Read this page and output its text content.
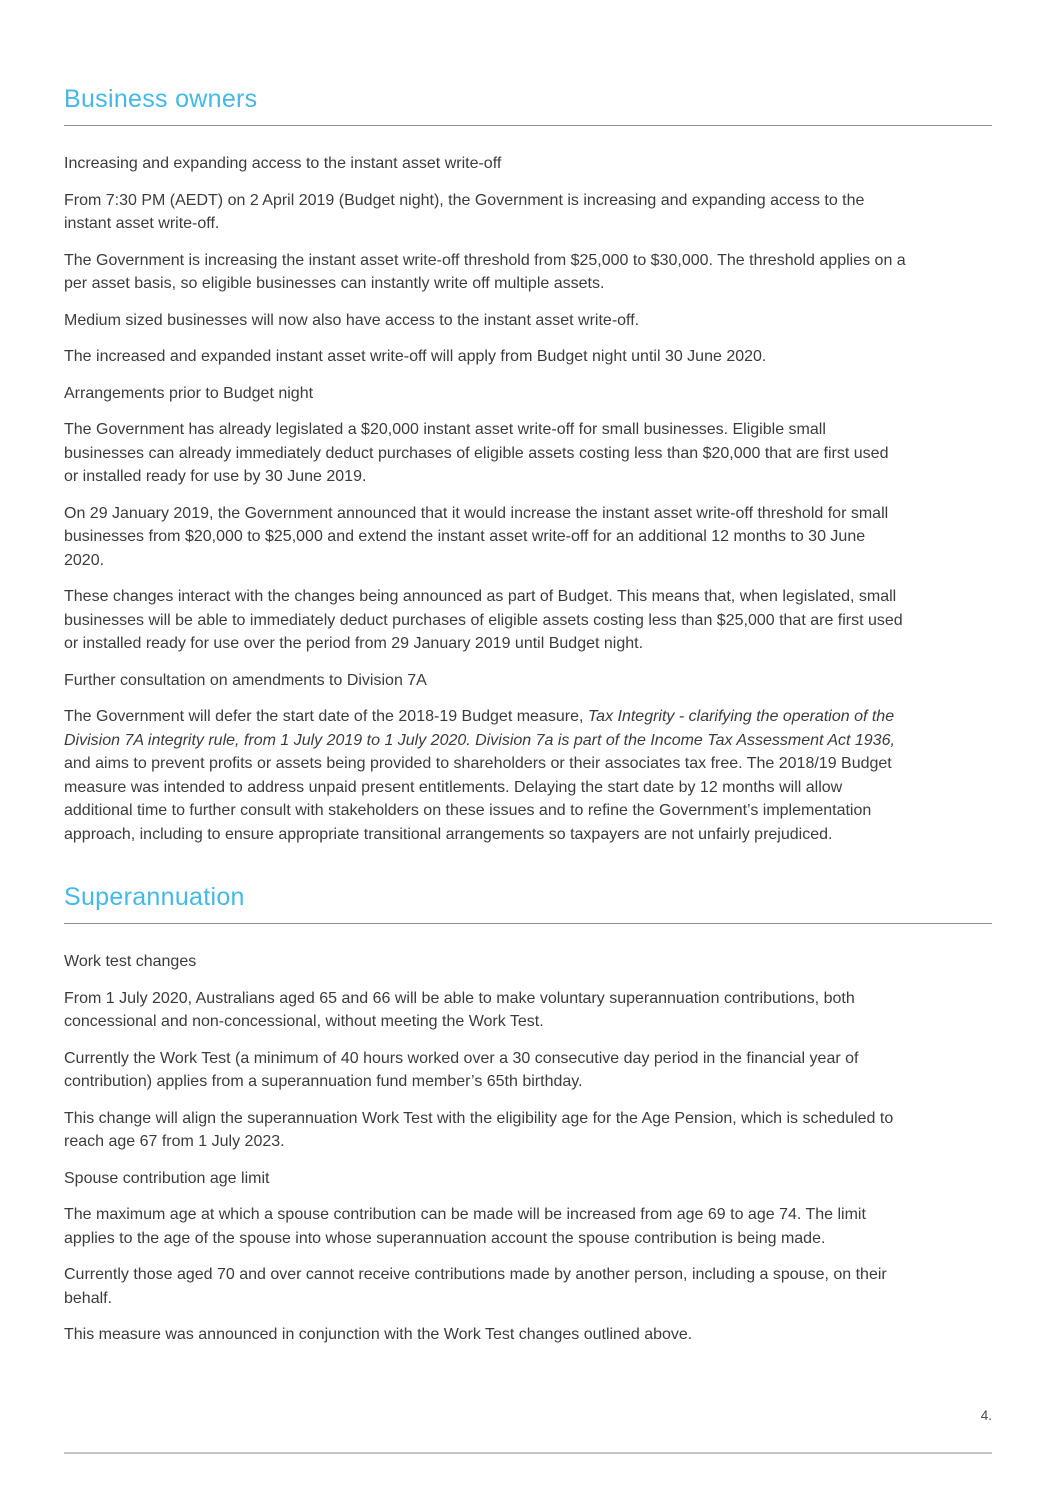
Business owners

Increasing and expanding access to the instant asset write-off

From 7:30 PM (AEDT) on 2 April 2019 (Budget night), the Government is increasing and expanding access to the instant asset write-off.

The Government is increasing the instant asset write-off threshold from $25,000 to $30,000. The threshold applies on a per asset basis, so eligible businesses can instantly write off multiple assets.

Medium sized businesses will now also have access to the instant asset write-off.

The increased and expanded instant asset write-off will apply from Budget night until 30 June 2020.

Arrangements prior to Budget night

The Government has already legislated a $20,000 instant asset write-off for small businesses. Eligible small businesses can already immediately deduct purchases of eligible assets costing less than $20,000 that are first used or installed ready for use by 30 June 2019.

On 29 January 2019, the Government announced that it would increase the instant asset write-off threshold for small businesses from $20,000 to $25,000 and extend the instant asset write-off for an additional 12 months to 30 June 2020.

These changes interact with the changes being announced as part of Budget. This means that, when legislated, small businesses will be able to immediately deduct purchases of eligible assets costing less than $25,000 that are first used or installed ready for use over the period from 29 January 2019 until Budget night.

Further consultation on amendments to Division 7A

The Government will defer the start date of the 2018-19 Budget measure, Tax Integrity - clarifying the operation of the Division 7A integrity rule, from 1 July 2019 to 1 July 2020. Division 7a is part of the Income Tax Assessment Act 1936, and aims to prevent profits or assets being provided to shareholders or their associates tax free. The 2018/19 Budget measure was intended to address unpaid present entitlements. Delaying the start date by 12 months will allow additional time to further consult with stakeholders on these issues and to refine the Government’s implementation approach, including to ensure appropriate transitional arrangements so taxpayers are not unfairly prejudiced.

Superannuation

Work test changes

From 1 July 2020, Australians aged 65 and 66 will be able to make voluntary superannuation contributions, both concessional and non-concessional, without meeting the Work Test.

Currently the Work Test (a minimum of 40 hours worked over a 30 consecutive day period in the financial year of contribution) applies from a superannuation fund member’s 65th birthday.

This change will align the superannuation Work Test with the eligibility age for the Age Pension, which is scheduled to reach age 67 from 1 July 2023.

Spouse contribution age limit

The maximum age at which a spouse contribution can be made will be increased from age 69 to age 74. The limit applies to the age of the spouse into whose superannuation account the spouse contribution is being made.

Currently those aged 70 and over cannot receive contributions made by another person, including a spouse, on their behalf.

This measure was announced in conjunction with the Work Test changes outlined above.

4.
